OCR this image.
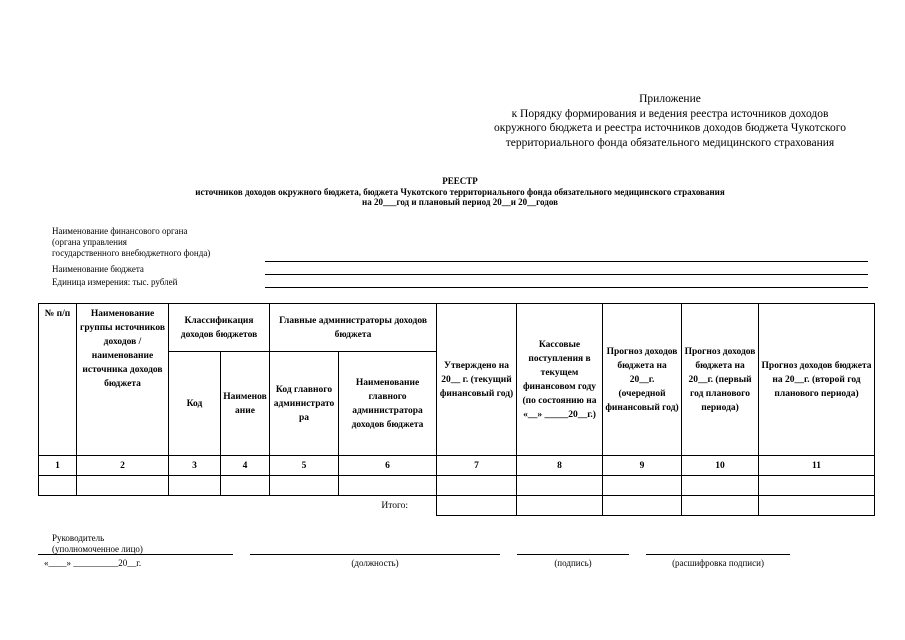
Приложение
к Порядку формирования и ведения реестра источников доходов
окружного бюджета и реестра источников доходов бюджета Чукотского
территориального фонда обязательного медицинского страхования
РЕЕСТР
источников доходов окружного бюджета, бюджета Чукотского территориального фонда обязательного медицинского страхования
на 20___год и плановый период 20__и 20__годов
Наименование финансового органа
(органа управления
государственного внебюджетного фонда)
Наименование бюджета
Единица измерения: тыс. рублей
№ п/п	Наименование группы источников доходов / наименование источника доходов бюджета	Классификация доходов бюджетов		Главные администраторы доходов бюджета		Утверждено на 20__ г. (текущий финансовый год)	Кассовые поступления в текущем финансовом году (по состоянию на «__» _____20__г.)	Прогноз доходов бюджета на 20__г. (очередной финансовый год)	Прогноз доходов бюджета на 20__г. (первый год планового периода)	Прогноз доходов бюджета на 20__г. (второй год планового периода)
		Код	Наименование	Код главного администратора	Наименование главного администратора доходов бюджета					
1	2	3	4	5	6	7	8	9	10	11

Итого:										
Руководитель
(уполномоченное лицо)
«____» __________20__г.	(должность)	(подпись)	(расшифровка подписи)
